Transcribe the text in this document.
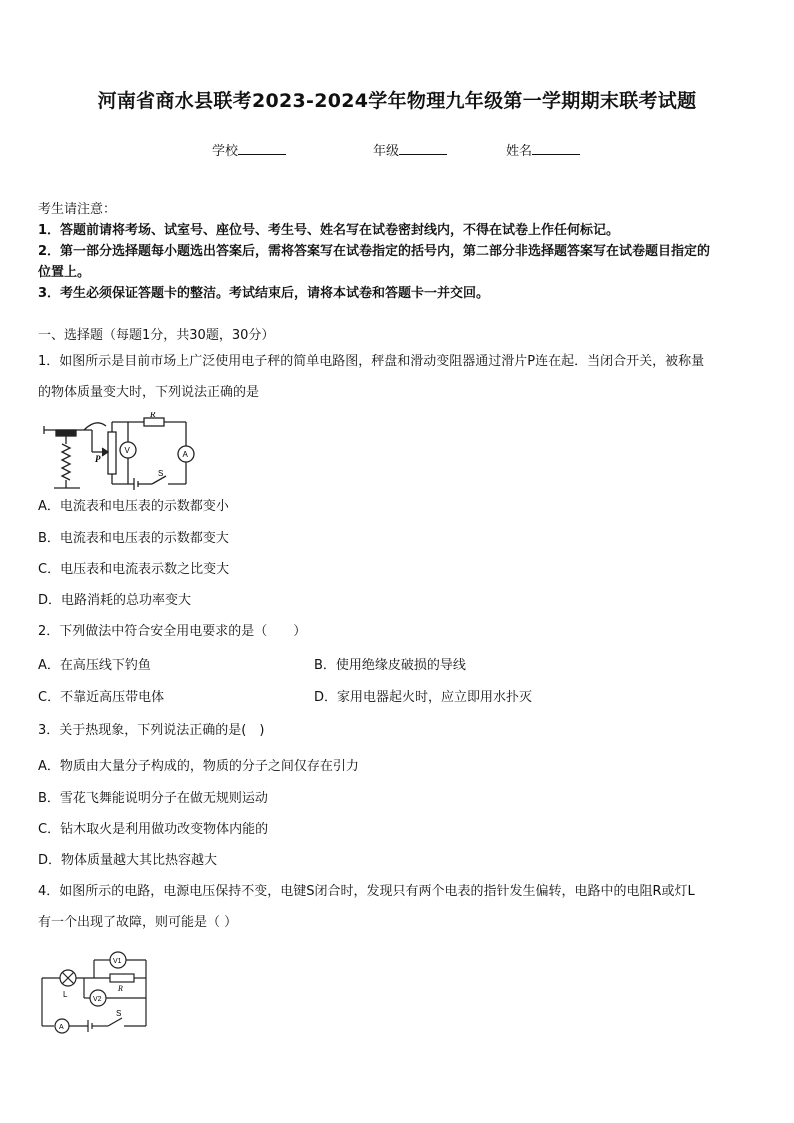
河南省商水县联考2023-2024学年物理九年级第一学期期末联考试题
学校	年级	姓名
考生请注意：
1．答题前请将考场、试室号、座位号、考生号、姓名写在试卷密封线内，不得在试卷上作任何标记。
2．第一部分选择题每小题选出答案后，需将答案写在试卷指定的括号内，第二部分非选择题答案写在试卷题目指定的
位置上。
3．考生必须保证答题卡的整洁。考试结束后，请将本试卷和答题卡一并交回。
一、选择题（每题1分，共30题，30分）
1．如图所示是目前市场上广泛使用电子秤的简单电路图，秤盘和滑动变阻器通过滑片P连在起．当闭合开关，被称量
的物体质量变大时，下列说法正确的是
R
P
V	A
S
A．电流表和电压表的示数都变小
B．电流表和电压表的示数都变大
C．电压表和电流表示数之比变大
D．电路消耗的总功率变大
2．下列做法中符合安全用电要求的是（　　）
A．在高压线下钓鱼	B．使用绝缘皮破损的导线
C．不靠近高压带电体	D．家用电器起火时，应立即用水扑灭
3．关于热现象，下列说法正确的是(　)
A．物质由大量分子构成的，物质的分子之间仅存在引力
B．雪花飞舞能说明分子在做无规则运动
C．钻木取火是利用做功改变物体内能的
D．物体质量越大其比热容越大
4．如图所示的电路，电源电压保持不变，电键S闭合时，发现只有两个电表的指针发生偏转，电路中的电阻R或灯L
有一个出现了故障，则可能是（ ）
V1
V2
L
R
A
S
